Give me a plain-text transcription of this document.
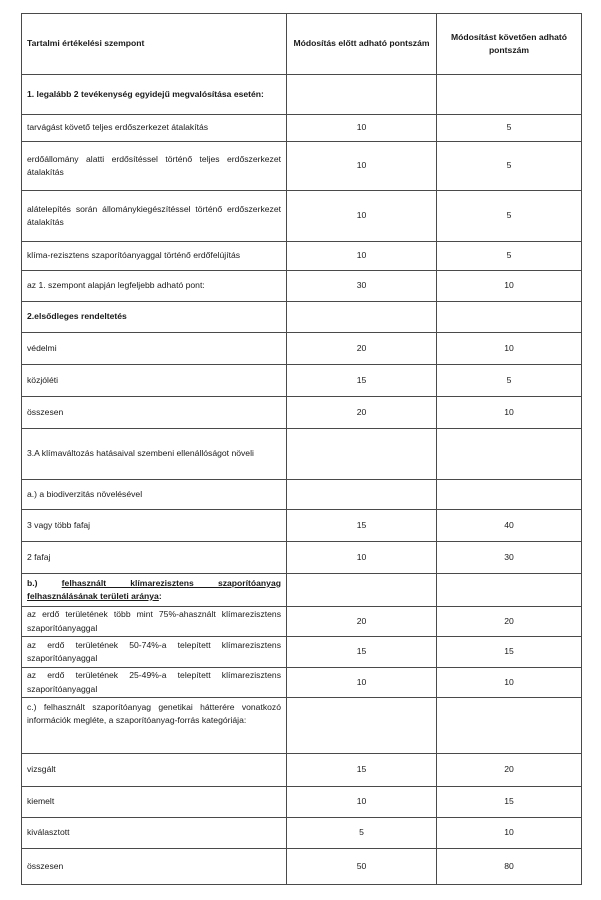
Tartalmi értékelési szempont	Módosítás előtt adható pontszám	Módosítást követően adható pontszám
1. legalább 2 tevékenység egyidejű megvalósítása esetén:		
tarvágást követő teljes erdőszerkezet átalakítás	10	5
erdőállomány alatti erdősítéssel történő teljes erdőszerkezet átalakítás	10	5
alátelepítés során állománykiegészítéssel történő erdőszerkezet átalakítás	10	5
klíma-rezisztens szaporítóanyaggal történő erdőfelújítás	10	5
az 1. szempont alapján legfeljebb adható pont:	30	10
2.elsődleges rendeltetés		
védelmi	20	10
közjóléti	15	5
összesen	20	10
3.A klímaváltozás hatásaival szembeni ellenállóságot növeli		
a.) a biodiverzitás növelésével		
3 vagy több fafaj	15	40
2 fafaj	10	30
b.) felhasznált klímarezisztens szaporítóanyag felhasználásának területi aránya:		
az erdő területének több mint 75%-ahasznált klímarezisztens szaporítóanyaggal	20	20
az erdő területének 50-74%-a telepített klímarezisztens szaporítóanyaggal	15	15
az erdő területének 25-49%-a telepített klímarezisztens szaporítóanyaggal	10	10
c.) felhasznált szaporítóanyag genetikai hátterére vonatkozó információk megléte, a szaporítóanyag-forrás kategóriája:		
vizsgált	15	20
kiemelt	10	15
kiválasztott	5	10
összesen	50	80
